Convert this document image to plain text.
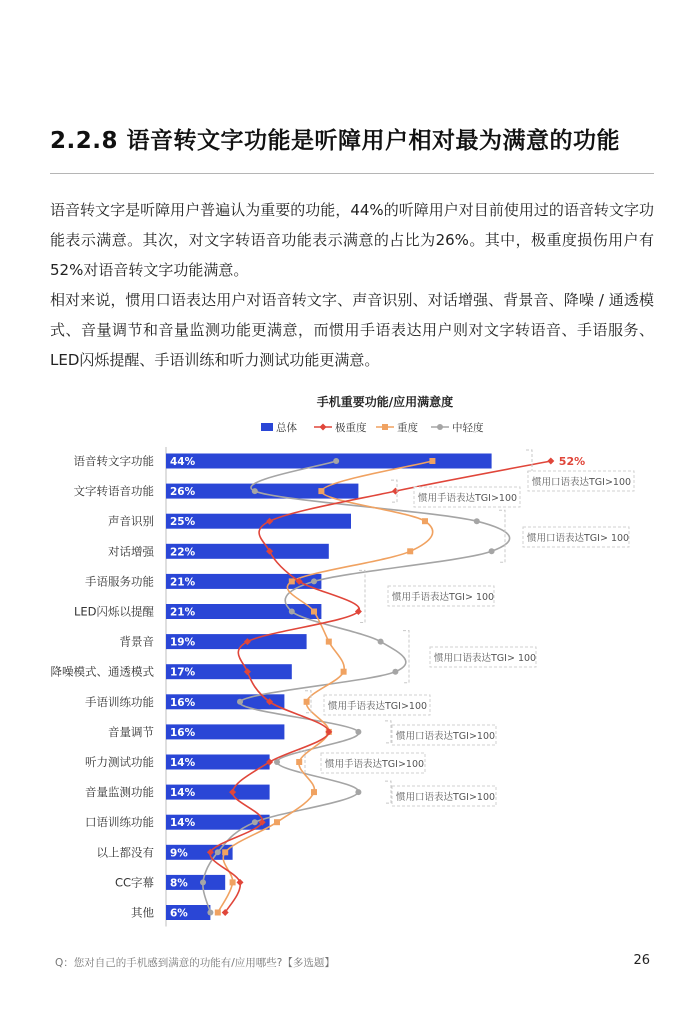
2.2.8 语音转文字功能是听障用户相对最为满意的功能
语音转文字是听障用户普遍认为重要的功能，44%的听障用户对目前使用过的语音转文字功能表示满意。其次，对文字转语音功能表示满意的占比为26%。其中，极重度损伤用户有52%对语音转文字功能满意。
相对来说，惯用口语表达用户对语音转文字、声音识别、对话增强、背景音、降噪 / 通透模式、音量调节和音量监测功能更满意，而惯用手语表达用户则对文字转语音、手语服务、LED闪烁提醒、手语训练和听力测试功能更满意。
手机重要功能/应用满意度
总体	极重度	重度	中轻度
语音转文字功能 44%
文字转语音功能 26%
声音识别 25%
对话增强 22%
手语服务功能 21%
LED闪烁以提醒 21%
背景音 19%
降噪模式、通透模式 17%
手语训练功能 16%
音量调节 16%
听力测试功能 14%
音量监测功能 14%
口语训练功能 14%
以上都没有 9%
CC字幕 8%
其他 6%
52%
惯用口语表达TGI>100
惯用手语表达TGI>100
惯用口语表达TGI> 100
惯用手语表达TGI> 100
惯用口语表达TGI> 100
惯用手语表达TGI>100
惯用口语表达TGI>100
惯用手语表达TGI>100
惯用口语表达TGI>100
Q：您对自己的手机感到满意的功能有/应用哪些?【多选题】	26
